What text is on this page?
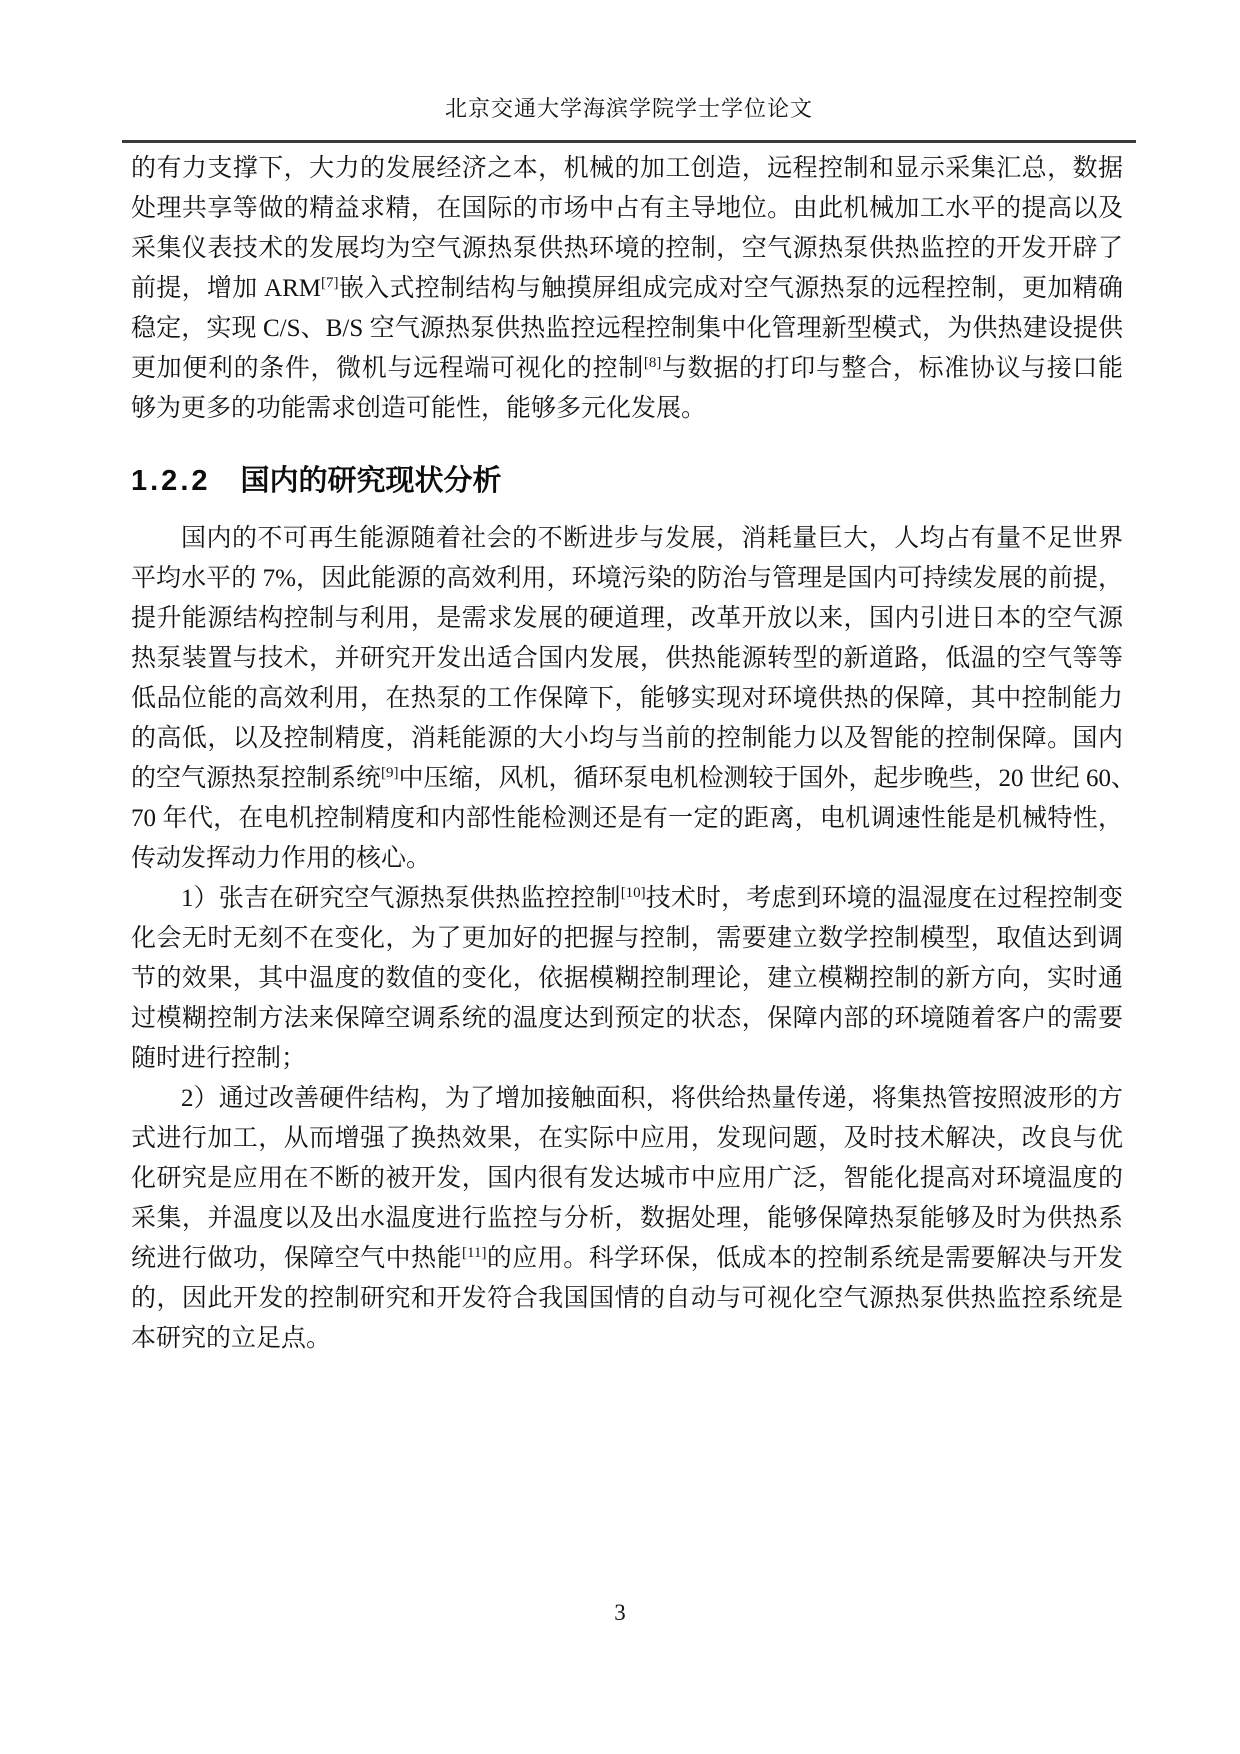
北京交通大学海滨学院学士学位论文
的有力支撑下，大力的发展经济之本，机械的加工创造，远程控制和显示采集汇总，数据
处理共享等做的精益求精，在国际的市场中占有主导地位。由此机械加工水平的提高以及
采集仪表技术的发展均为空气源热泵供热环境的控制，空气源热泵供热监控的开发开辟了
前提，增加 ARM[7]嵌入式控制结构与触摸屏组成完成对空气源热泵的远程控制，更加精确
稳定，实现 C/S、B/S 空气源热泵供热监控远程控制集中化管理新型模式，为供热建设提供
更加便利的条件，微机与远程端可视化的控制[8]与数据的打印与整合，标准协议与接口能
够为更多的功能需求创造可能性，能够多元化发展。
1.2.2 国内的研究现状分析
国内的不可再生能源随着社会的不断进步与发展，消耗量巨大，人均占有量不足世界
平均水平的 7%，因此能源的高效利用，环境污染的防治与管理是国内可持续发展的前提，
提升能源结构控制与利用，是需求发展的硬道理，改革开放以来，国内引进日本的空气源
热泵装置与技术，并研究开发出适合国内发展，供热能源转型的新道路，低温的空气等等
低品位能的高效利用，在热泵的工作保障下，能够实现对环境供热的保障，其中控制能力
的高低，以及控制精度，消耗能源的大小均与当前的控制能力以及智能的控制保障。国内
的空气源热泵控制系统[9]中压缩，风机，循环泵电机检测较于国外，起步晚些，20 世纪 60、
70 年代，在电机控制精度和内部性能检测还是有一定的距离，电机调速性能是机械特性，
传动发挥动力作用的核心。
1）张吉在研究空气源热泵供热监控控制[10]技术时，考虑到环境的温湿度在过程控制变
化会无时无刻不在变化，为了更加好的把握与控制，需要建立数学控制模型，取值达到调
节的效果，其中温度的数值的变化，依据模糊控制理论，建立模糊控制的新方向，实时通
过模糊控制方法来保障空调系统的温度达到预定的状态，保障内部的环境随着客户的需要
随时进行控制；
2）通过改善硬件结构，为了增加接触面积，将供给热量传递，将集热管按照波形的方
式进行加工，从而增强了换热效果，在实际中应用，发现问题，及时技术解决，改良与优
化研究是应用在不断的被开发，国内很有发达城市中应用广泛，智能化提高对环境温度的
采集，并温度以及出水温度进行监控与分析，数据处理，能够保障热泵能够及时为供热系
统进行做功，保障空气中热能[11]的应用。科学环保，低成本的控制系统是需要解决与开发
的，因此开发的控制研究和开发符合我国国情的自动与可视化空气源热泵供热监控系统是
本研究的立足点。
3
